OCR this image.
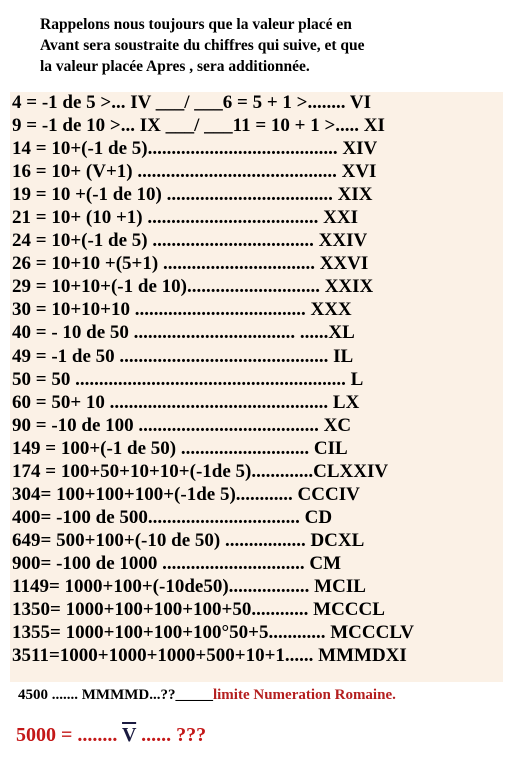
Rappelons nous toujours que la valeur placé en
Avant sera soustraite du chiffres qui suive, et que
la valeur placée Apres , sera additionnée.
4 = -1 de 5 >... IV ___/ ___6 = 5 + 1 >........ VI
9 = -1 de 10 >... IX ___/ ___11 = 10 + 1 >..... XI
14 = 10+(-1 de 5)........................................ XIV
16 = 10+ (V+1) .......................................... XVI
19 = 10 +(-1 de 10) ................................... XIX
21 = 10+ (10 +1) .................................... XXI
24 = 10+(-1 de 5) .................................. XXIV
26 = 10+10 +(5+1) ................................ XXVI
29 = 10+10+(-1 de 10)............................ XXIX
30 = 10+10+10 .................................... XXX
40 = - 10 de 50 .................................. ......XL
49 = -1 de 50 ............................................ IL
50 = 50 ......................................................... L
60 = 50+ 10 .............................................. LX
90 = -10 de 100 ...................................... XC
149 = 100+(-1 de 50) ........................... CIL
174 = 100+50+10+10+(-1de 5).............CLXXIV
304= 100+100+100+(-1de 5)............ CCCIV
400= -100 de 500................................ CD
649= 500+100+(-10 de 50) ................. DCXL
900= -100 de 1000 .............................. CM
1149= 1000+100+(-10de50)................. MCIL
1350= 1000+100+100+100+50............ MCCCL
1355= 1000+100+100+100°50+5............ MCCCLV
3511=1000+1000+1000+500+10+1...... MMMDXI
4500 ....... MMMMD...??_____limite Numeration Romaine.
5000 = ........ $\overline{V}$ ...... ???
